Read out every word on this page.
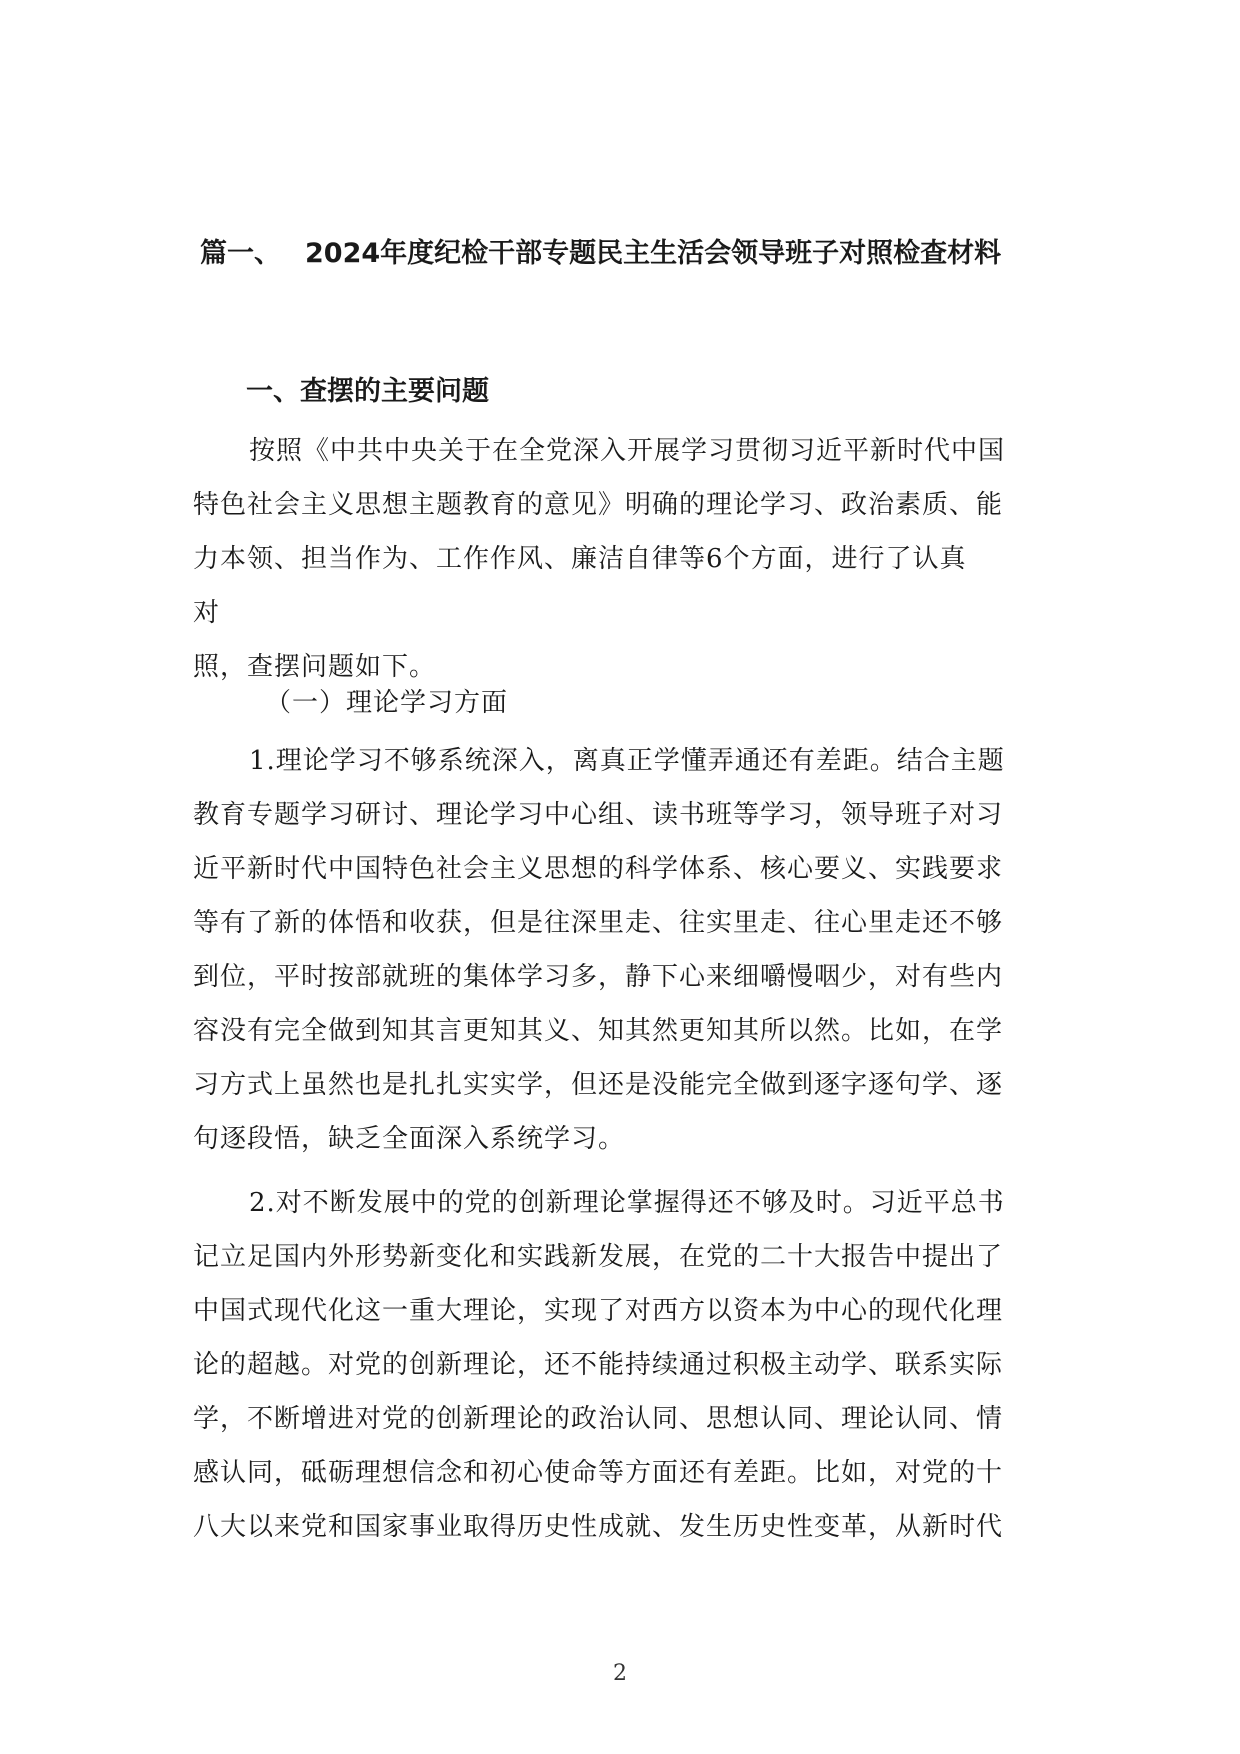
篇一、 2024年度纪检干部专题民主生活会领导班子对照检查材料
一、查摆的主要问题
按照《中共中央关于在全党深入开展学习贯彻习近平新时代中国
特色社会主义思想主题教育的意见》明确的理论学习、政治素质、能
力本领、担当作为、工作作风、廉洁自律等6个方面，进行了认真
对
照，查摆问题如下。
（一）理论学习方面
1.理论学习不够系统深入，离真正学懂弄通还有差距。结合主题
教育专题学习研讨、理论学习中心组、读书班等学习，领导班子对习
近平新时代中国特色社会主义思想的科学体系、核心要义、实践要求
等有了新的体悟和收获，但是往深里走、往实里走、往心里走还不够
到位，平时按部就班的集体学习多，静下心来细嚼慢咽少，对有些内
容没有完全做到知其言更知其义、知其然更知其所以然。比如，在学
习方式上虽然也是扎扎实实学，但还是没能完全做到逐字逐句学、逐
句逐段悟，缺乏全面深入系统学习。
2.对不断发展中的党的创新理论掌握得还不够及时。习近平总书
记立足国内外形势新变化和实践新发展，在党的二十大报告中提出了
中国式现代化这一重大理论，实现了对西方以资本为中心的现代化理
论的超越。对党的创新理论，还不能持续通过积极主动学、联系实际
学，不断增进对党的创新理论的政治认同、思想认同、理论认同、情
感认同，砥砺理想信念和初心使命等方面还有差距。比如，对党的十
八大以来党和国家事业取得历史性成就、发生历史性变革，从新时代
2
